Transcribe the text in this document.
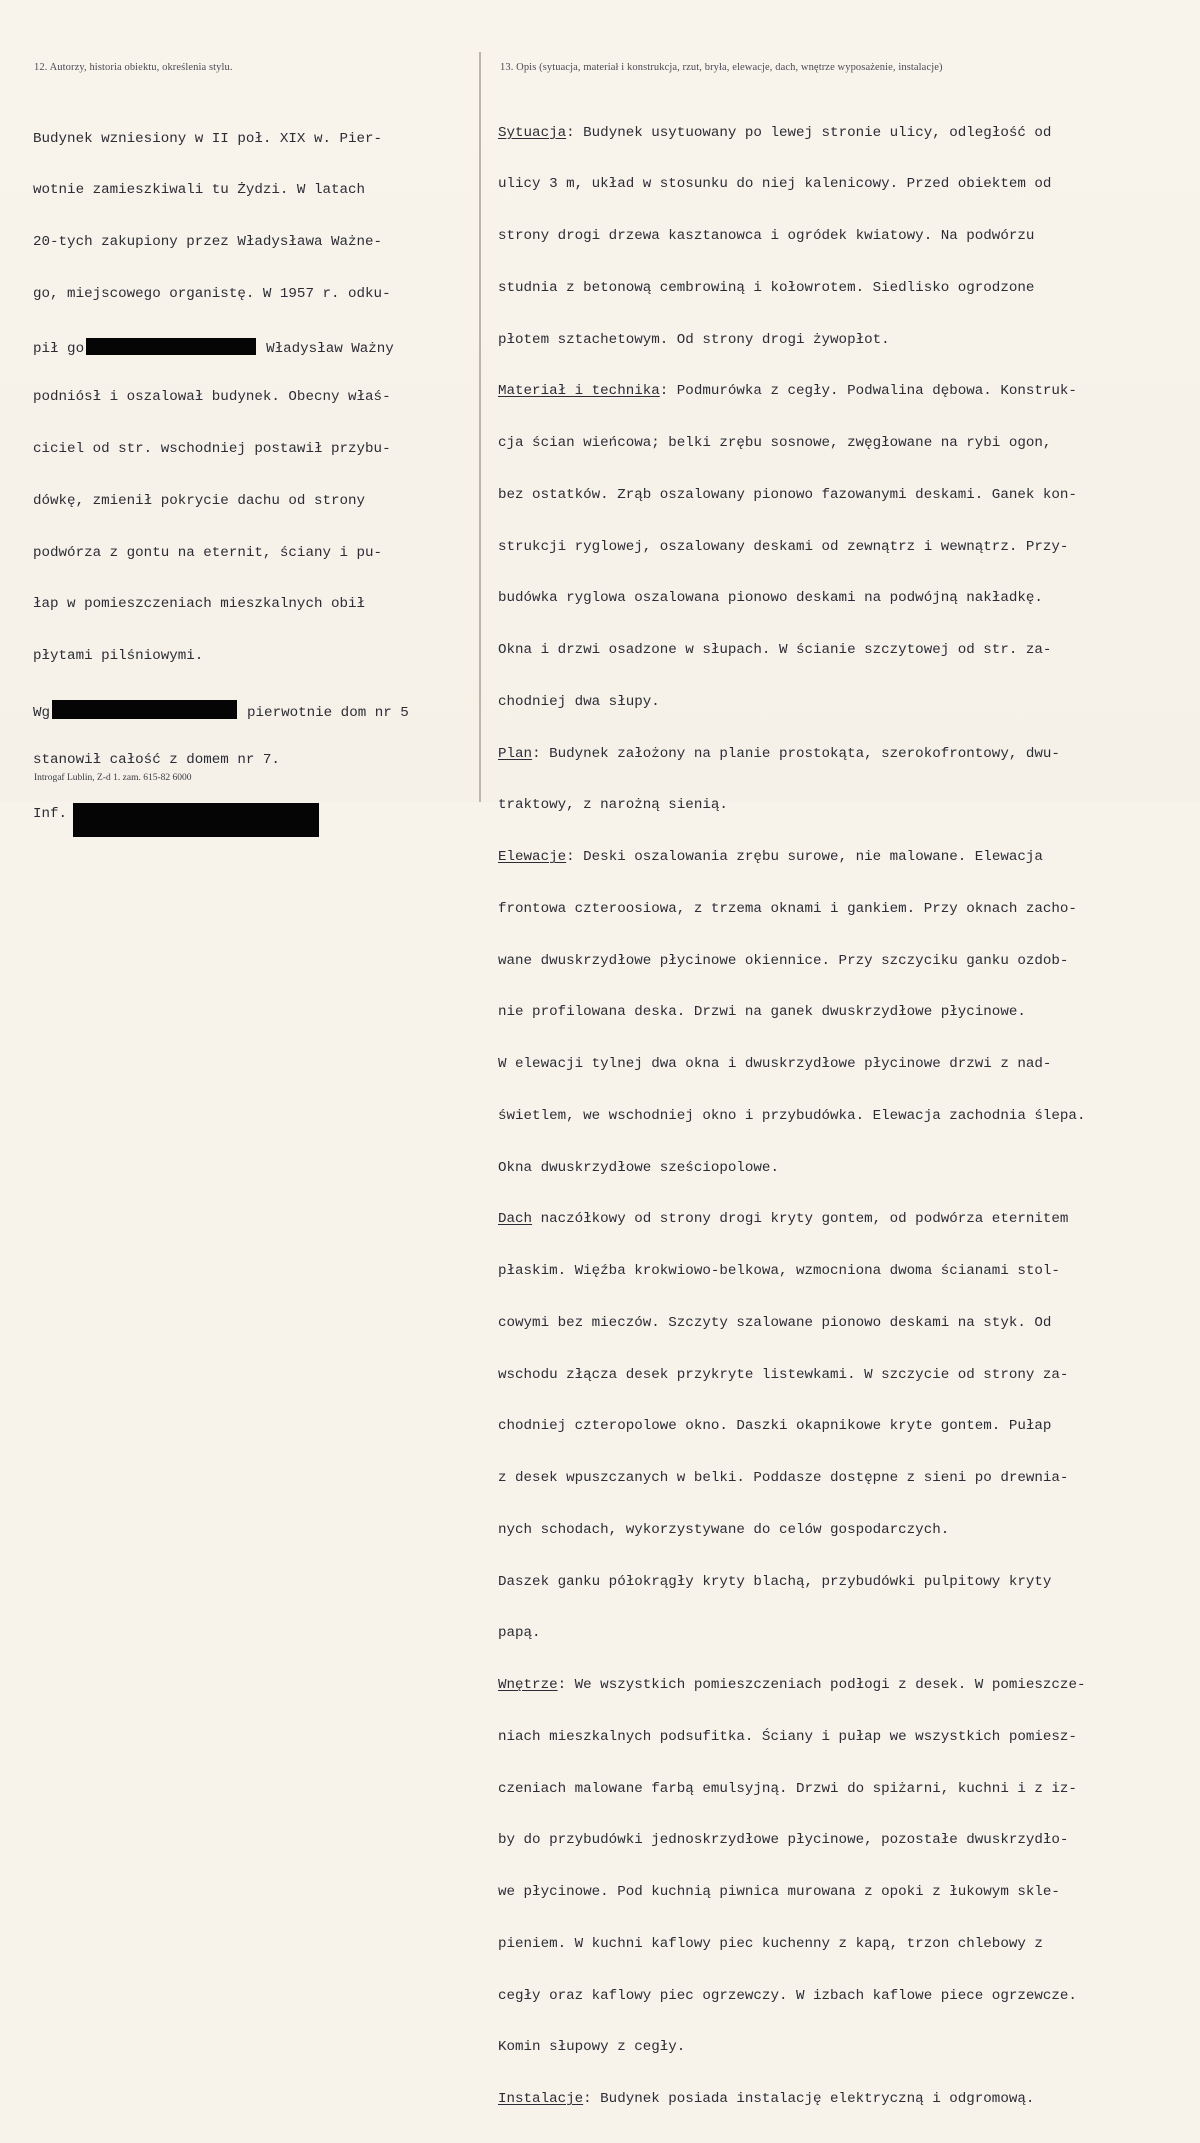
12. Autorzy, historia obiektu, określenia stylu.	13. Opis (sytuacja, materiał i konstrukcja, rzut, bryła, elewacje, dach, wnętrze wyposażenie, instalacje)

Budynek wzniesiony w II poł. XIX w. Pier-

wotnie zamieszkiwali tu Żydzi. W latach

20-tych zakupiony przez Władysława Ważne-

go, miejscowego organistę. W 1957 r. odku-

pił go	Władysław Ważny

podniósł i oszalował budynek. Obecny właś-

ciciel od str. wschodniej postawił przybu-

dówkę, zmienił pokrycie dachu od strony

podwórza z gontu na eternit, ściany i pu-

łap w pomieszczeniach mieszkalnych obił

płytami pilśniowymi.

Wg	pierwotnie dom nr 5

stanowił całość z domem nr 7.

Inf.

Sytuacja: Budynek usytuowany po lewej stronie ulicy, odległość od

ulicy 3 m, układ w stosunku do niej kalenicowy. Przed obiektem od

strony drogi drzewa kasztanowca i ogródek kwiatowy. Na podwórzu

studnia z betonową cembrowiną i kołowrotem. Siedlisko ogrodzone

płotem sztachetowym. Od strony drogi żywopłot.

Materiał i technika: Podmurówka z cegły. Podwalina dębowa. Konstruk-

cja ścian wieńcowa; belki zrębu sosnowe, zwęgłowane na rybi ogon,

bez ostatków. Zrąb oszalowany pionowo fazowanymi deskami. Ganek kon-

strukcji ryglowej, oszalowany deskami od zewnątrz i wewnątrz. Przy-

budówka ryglowa oszalowana pionowo deskami na podwójną nakładkę.

Okna i drzwi osadzone w słupach. W ścianie szczytowej od str. za-

chodniej dwa słupy.

Plan: Budynek założony na planie prostokąta, szerokofrontowy, dwu-

traktowy, z narożną sienią.

Elewacje: Deski oszalowania zrębu surowe, nie malowane. Elewacja

frontowa czteroosiowa, z trzema oknami i gankiem. Przy oknach zacho-

wane dwuskrzydłowe płycinowe okiennice. Przy szczyciku ganku ozdob-

nie profilowana deska. Drzwi na ganek dwuskrzydłowe płycinowe.

W elewacji tylnej dwa okna i dwuskrzydłowe płycinowe drzwi z nad-

świetlem, we wschodniej okno i przybudówka. Elewacja zachodnia ślepa.

Okna dwuskrzydłowe sześciopolowe.

Dach naczółkowy od strony drogi kryty gontem, od podwórza eternitem

płaskim. Więźba krokwiowo-belkowa, wzmocniona dwoma ścianami stol-

cowymi bez mieczów. Szczyty szalowane pionowo deskami na styk. Od

wschodu złącza desek przykryte listewkami. W szczycie od strony za-

chodniej czteropolowe okno. Daszki okapnikowe kryte gontem. Pułap

z desek wpuszczanych w belki. Poddasze dostępne z sieni po drewnia-

nych schodach, wykorzystywane do celów gospodarczych.

Daszek ganku półokrągły kryty blachą, przybudówki pulpitowy kryty

papą.

Wnętrze: We wszystkich pomieszczeniach podłogi z desek. W pomieszcze-

niach mieszkalnych podsufitka. Ściany i pułap we wszystkich pomiesz-

czeniach malowane farbą emulsyjną. Drzwi do spiżarni, kuchni i z iz-

by do przybudówki jednoskrzydłowe płycinowe, pozostałe dwuskrzydło-

we płycinowe. Pod kuchnią piwnica murowana z opoki z łukowym skle-

pieniem. W kuchni kaflowy piec kuchenny z kapą, trzon chlebowy z

cegły oraz kaflowy piec ogrzewczy. W izbach kaflowe piece ogrzewcze.

Komin słupowy z cegły.

Instalacje: Budynek posiada instalację elektryczną i odgromową.

Introgaf Lublin, Z-d 1. zam. 615-82 6000
